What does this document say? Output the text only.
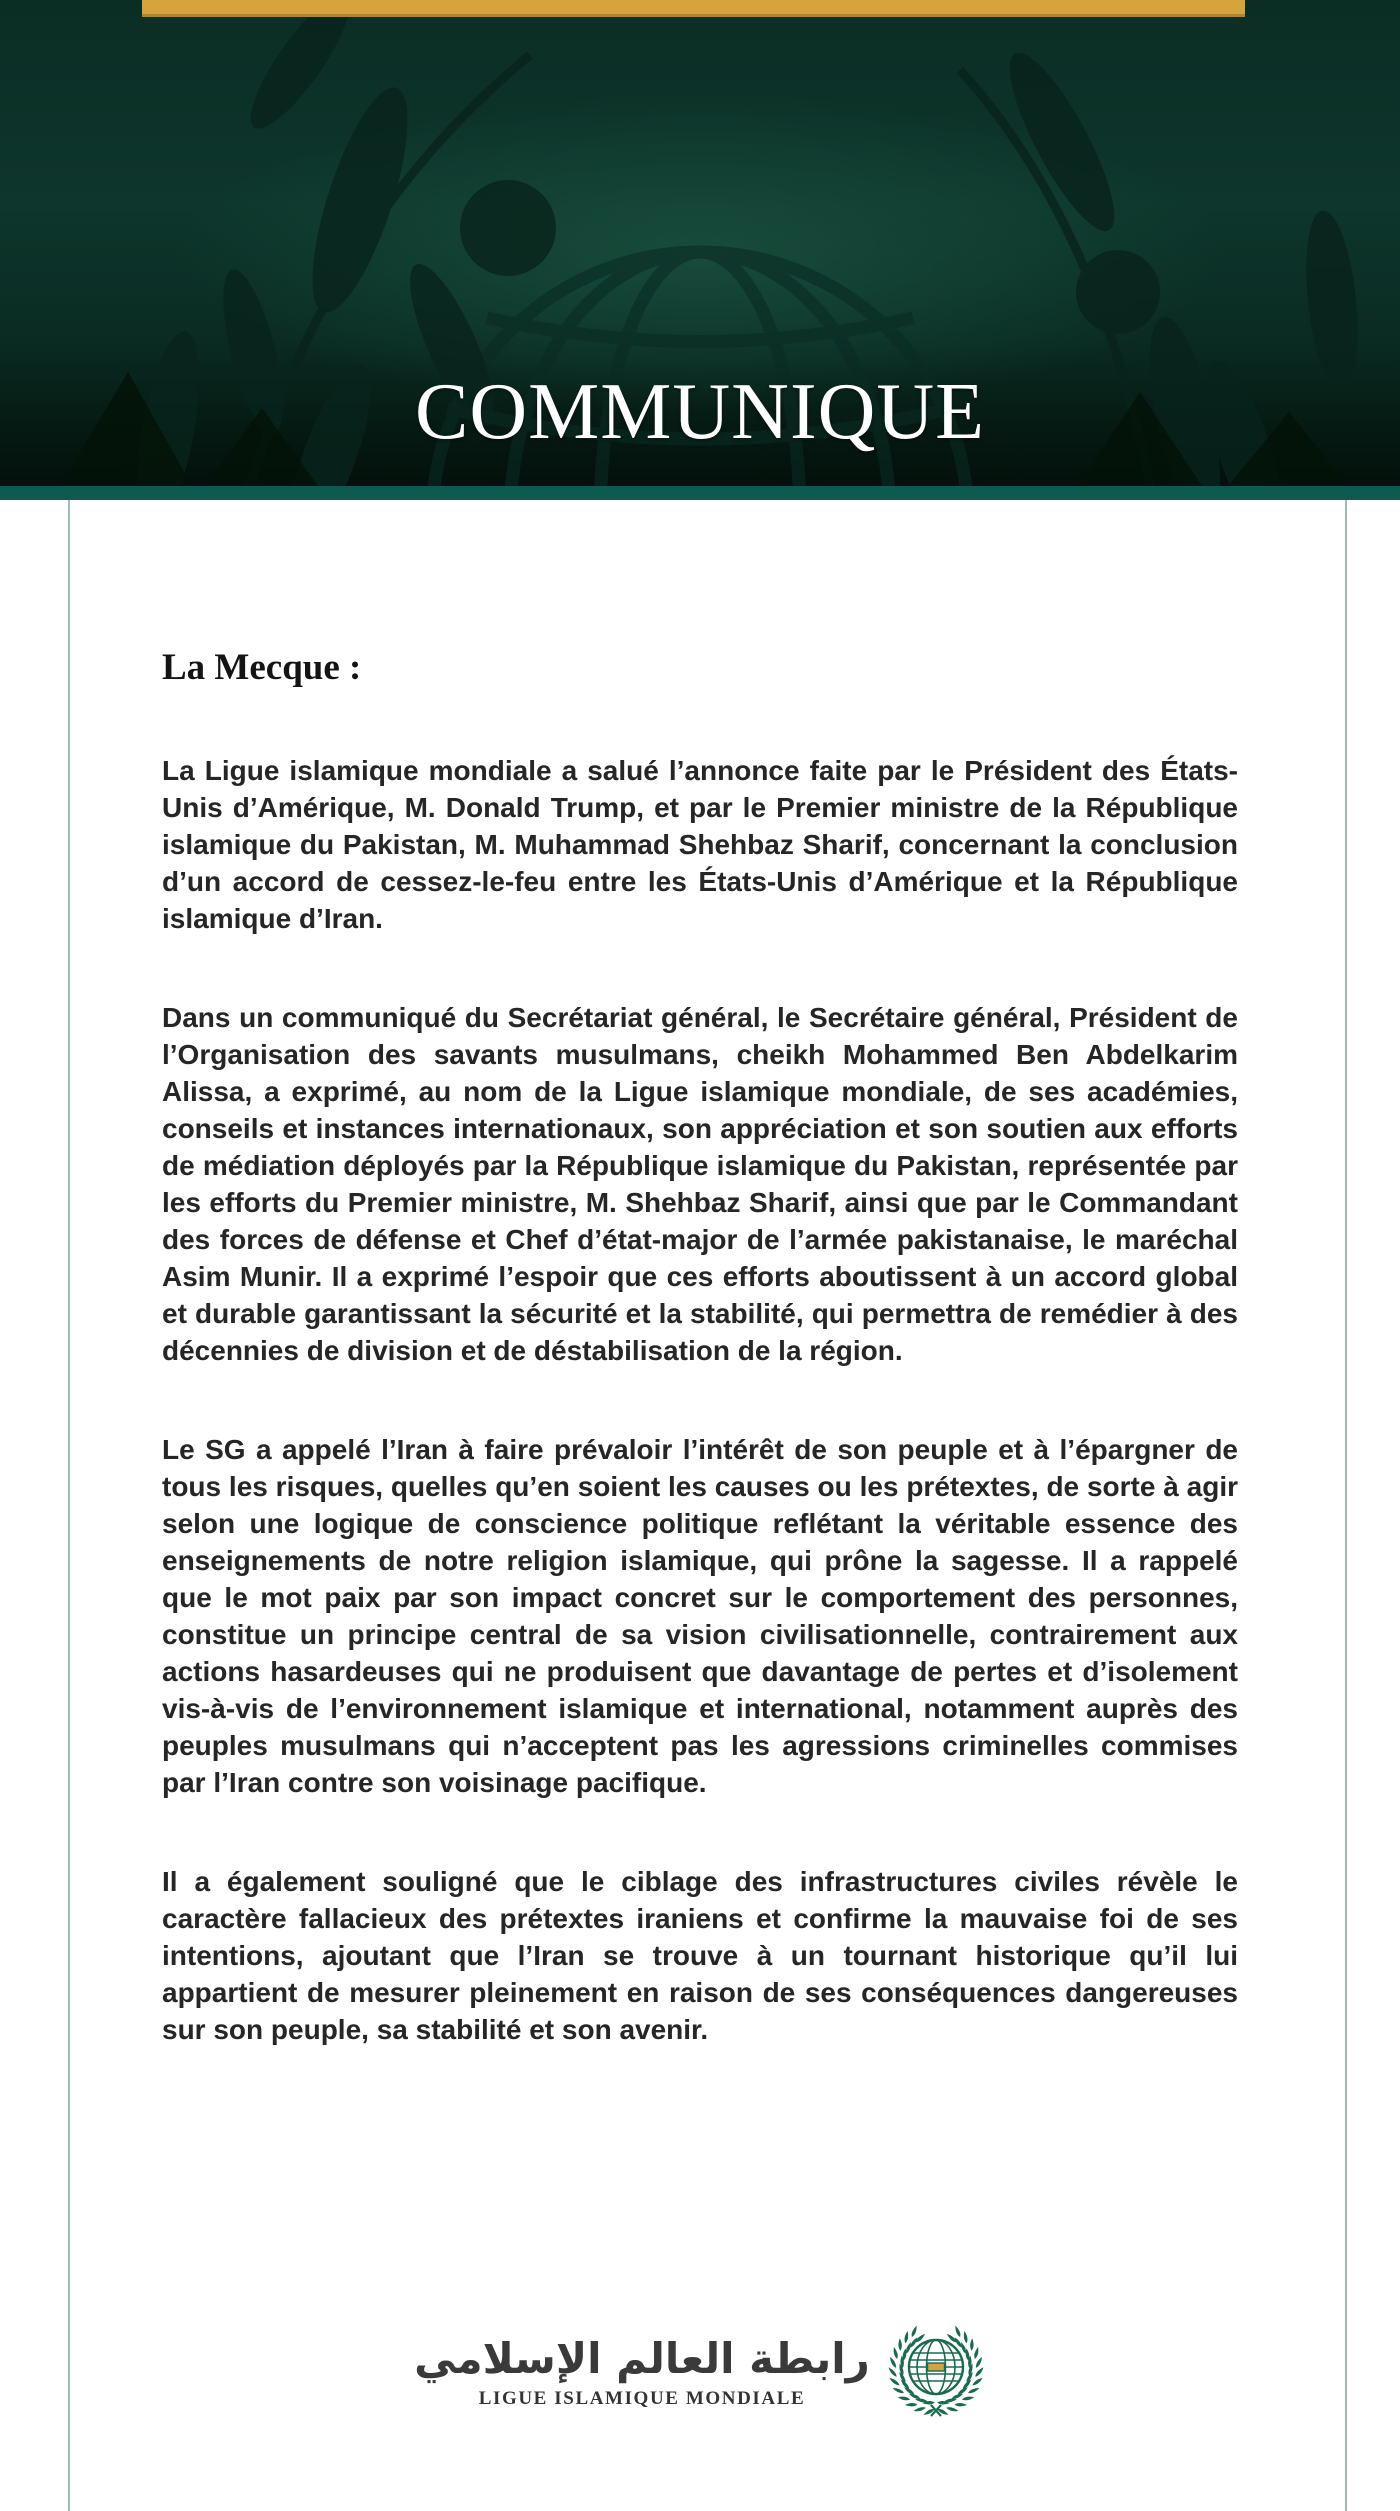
COMMUNIQUE
La Mecque :

La Ligue islamique mondiale a salué l’annonce faite par le Président des États-Unis d’Amérique, M. Donald Trump, et par le Premier ministre de la République islamique du Pakistan, M. Muhammad Shehbaz Sharif, concernant la conclusion d’un accord de cessez-le-feu entre les États-Unis d’Amérique et la République islamique d’Iran.

Dans un communiqué du Secrétariat général, le Secrétaire général, Président de l’Organisation des savants musulmans, cheikh Mohammed Ben Abdelkarim Alissa, a exprimé, au nom de la Ligue islamique mondiale, de ses académies, conseils et instances internationaux, son appréciation et son soutien aux efforts de médiation déployés par la République islamique du Pakistan, représentée par les efforts du Premier ministre, M. Shehbaz Sharif, ainsi que par le Commandant des forces de défense et Chef d’état-major de l’armée pakistanaise, le maréchal Asim Munir. Il a exprimé l’espoir que ces efforts aboutissent à un accord global et durable garantissant la sécurité et la stabilité, qui permettra de remédier à des décennies de division et de déstabilisation de la région.

Le SG a appelé l’Iran à faire prévaloir l’intérêt de son peuple et à l’épargner de tous les risques, quelles qu’en soient les causes ou les prétextes, de sorte à agir selon une logique de conscience politique reflétant la véritable essence des enseignements de notre religion islamique, qui prône la sagesse. Il a rappelé que le mot paix par son impact concret sur le comportement des personnes, constitue un principe central de sa vision civilisationnelle, contrairement aux actions hasardeuses qui ne produisent que davantage de pertes et d’isolement vis-à-vis de l’environnement islamique et international, notamment auprès des peuples musulmans qui n’acceptent pas les agressions criminelles commises par l’Iran contre son voisinage pacifique.

Il a également souligné que le ciblage des infrastructures civiles révèle le caractère fallacieux des prétextes iraniens et confirme la mauvaise foi de ses intentions, ajoutant que l’Iran se trouve à un tournant historique qu’il lui appartient de mesurer pleinement en raison de ses conséquences dangereuses sur son peuple, sa stabilité et son avenir.

رابطة العالم الإسلامي
LIGUE ISLAMIQUE MONDIALE
